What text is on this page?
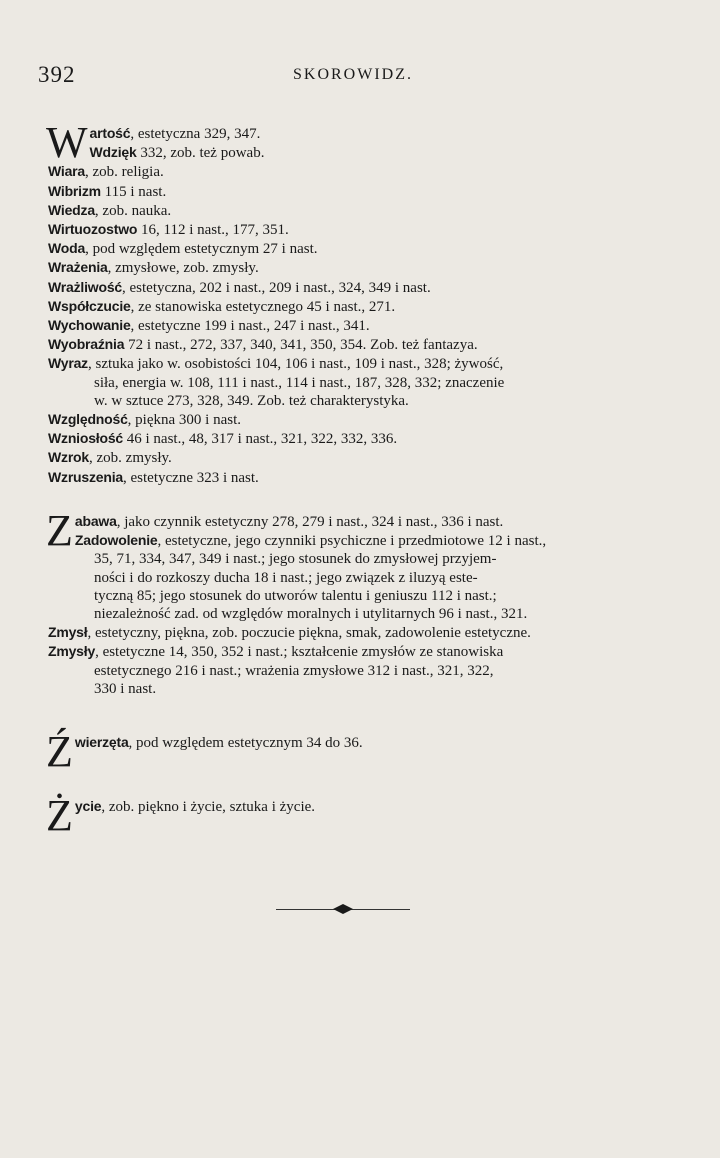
392	SKOROWIDZ.

Wartość, estetyczna 329, 347.

Wdzięk 332, zob. też powab.

Wiara, zob. religia.

Wibrizm 115 i nast.

Wiedza, zob. nauka.

Wirtuozostwo 16, 112 i nast., 177, 351.

Woda, pod względem estetycznym 27 i nast.

Wrażenia, zmysłowe, zob. zmysły.

Wrażliwość, estetyczna, 202 i nast., 209 i nast., 324, 349 i nast.

Współczucie, ze stanowiska estetycznego 45 i nast., 271.

Wychowanie, estetyczne 199 i nast., 247 i nast., 341.

Wyobraźnia 72 i nast., 272, 337, 340, 341, 350, 354. Zob. też fantazya.

Wyraz, sztuka jako w. osobistości 104, 106 i nast., 109 i nast., 328; żywość,
siła, energia w. 108, 111 i nast., 114 i nast., 187, 328, 332; znaczenie
w. w sztuce 273, 328, 349. Zob. też charakterystyka.

Względność, piękna 300 i nast.

Wzniosłość 46 i nast., 48, 317 i nast., 321, 322, 332, 336.

Wzrok, zob. zmysły.

Wzruszenia, estetyczne 323 i nast.

Zabawa, jako czynnik estetyczny 278, 279 i nast., 324 i nast., 336 i nast.

Zadowolenie, estetyczne, jego czynniki psychiczne i przedmiotowe 12 i nast.,
35, 71, 334, 347, 349 i nast.; jego stosunek do zmysłowej przyjem-
ności i do rozkoszy ducha 18 i nast.; jego związek z iluzyą este-
tyczną 85; jego stosunek do utworów talentu i geniuszu 112 i nast.;
niezależność zad. od względów moralnych i utylitarnych 96 i nast., 321.

Zmysł, estetyczny, piękna, zob. poczucie piękna, smak, zadowolenie estetyczne.

Zmysły, estetyczne 14, 350, 352 i nast.; kształcenie zmysłów ze stanowiska
estetycznego 216 i nast.; wrażenia zmysłowe 312 i nast., 321, 322,
330 i nast.

Źwierzęta, pod względem estetycznym 34 do 36.

Życie, zob. piękno i życie, sztuka i życie.
